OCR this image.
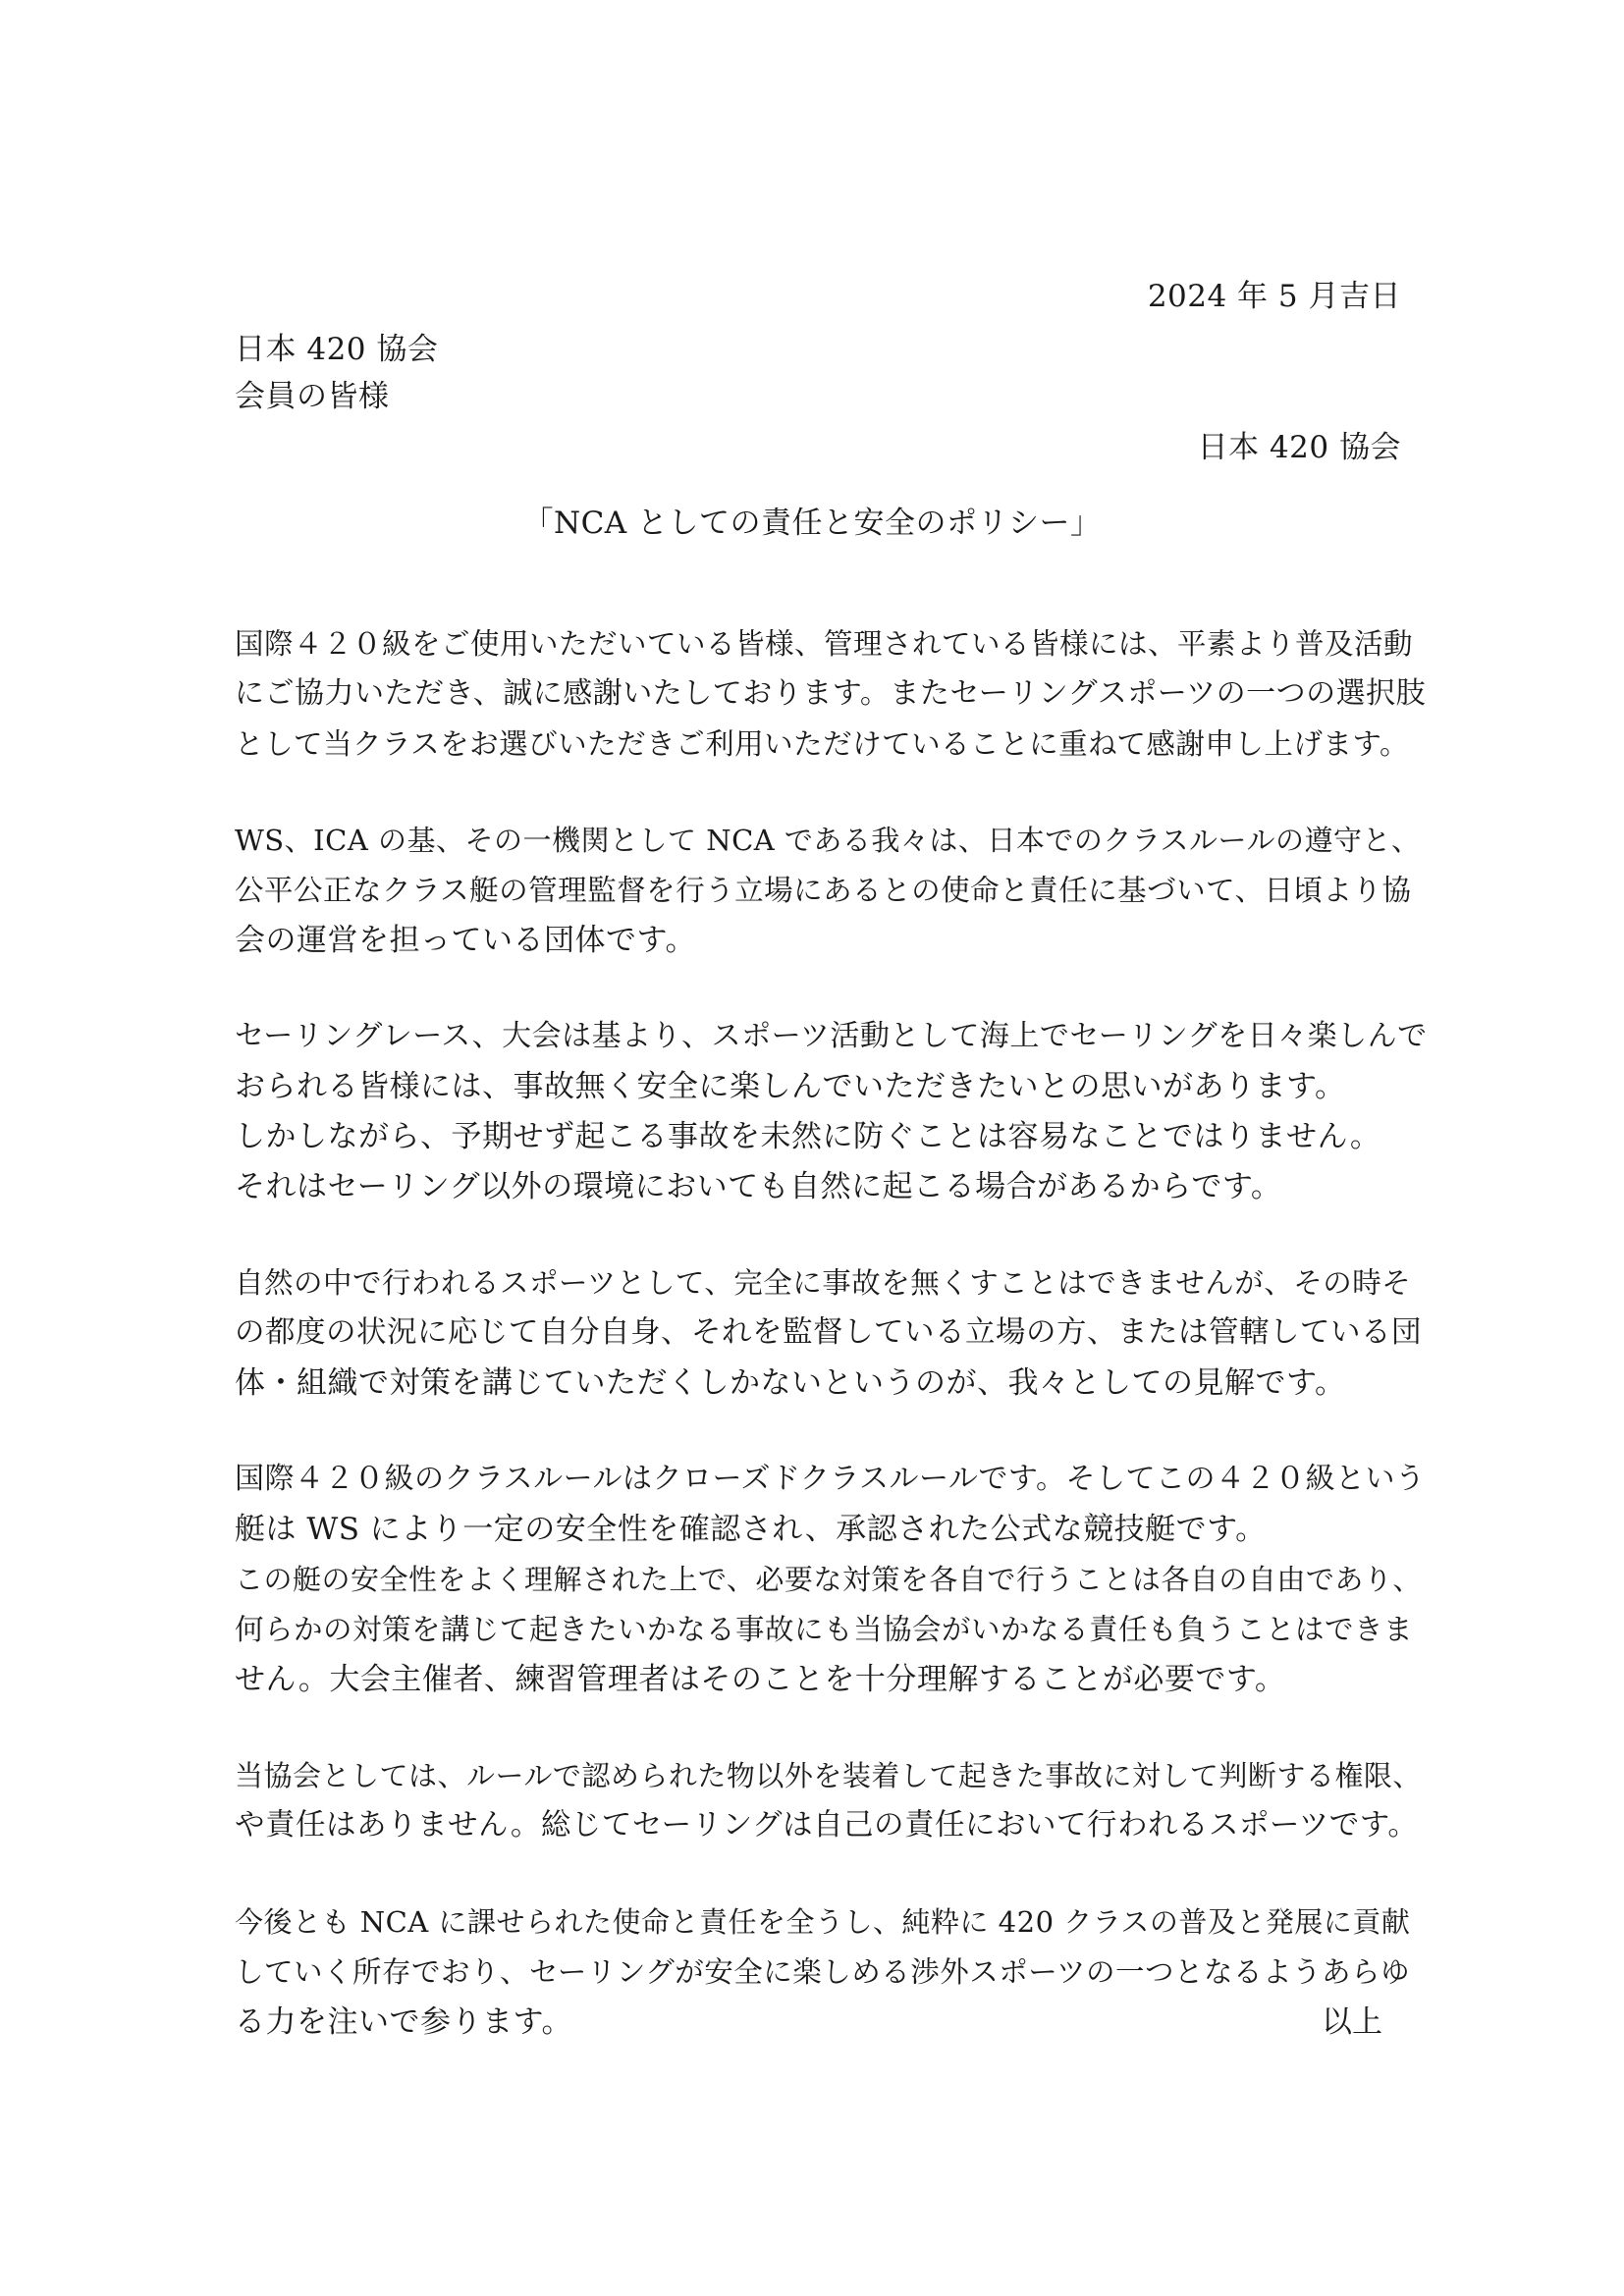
2024 年 5 月吉日
日本 420 協会
会員の皆様
日本 420 協会
「NCA としての責任と安全のポリシー」
国際４２０級をご使用いただいている皆様、管理されている皆様には、平素より普及活動
にご協力いただき、誠に感謝いたしております。またセーリングスポーツの一つの選択肢
として当クラスをお選びいただきご利用いただけていることに重ねて感謝申し上げます。
WS、ICA の基、その一機関として NCA である我々は、日本でのクラスルールの遵守と、
公平公正なクラス艇の管理監督を行う立場にあるとの使命と責任に基づいて、日頃より協
会の運営を担っている団体です。
セーリングレース、大会は基より、スポーツ活動として海上でセーリングを日々楽しんで
おられる皆様には、事故無く安全に楽しんでいただきたいとの思いがあります。
しかしながら、予期せず起こる事故を未然に防ぐことは容易なことではりません。
それはセーリング以外の環境においても自然に起こる場合があるからです。
自然の中で行われるスポーツとして、完全に事故を無くすことはできませんが、その時そ
の都度の状況に応じて自分自身、それを監督している立場の方、または管轄している団
体・組織で対策を講じていただくしかないというのが、我々としての見解です。
国際４２０級のクラスルールはクローズドクラスルールです。そしてこの４２０級という
艇は WS により一定の安全性を確認され、承認された公式な競技艇です。
この艇の安全性をよく理解された上で、必要な対策を各自で行うことは各自の自由であり、
何らかの対策を講じて起きたいかなる事故にも当協会がいかなる責任も負うことはできま
せん。大会主催者、練習管理者はそのことを十分理解することが必要です。
当協会としては、ルールで認められた物以外を装着して起きた事故に対して判断する権限、
や責任はありません。総じてセーリングは自己の責任において行われるスポーツです。
今後とも NCA に課せられた使命と責任を全うし、純粋に 420 クラスの普及と発展に貢献
していく所存でおり、セーリングが安全に楽しめる渉外スポーツの一つとなるようあらゆ
る力を注いで参ります。	以上
